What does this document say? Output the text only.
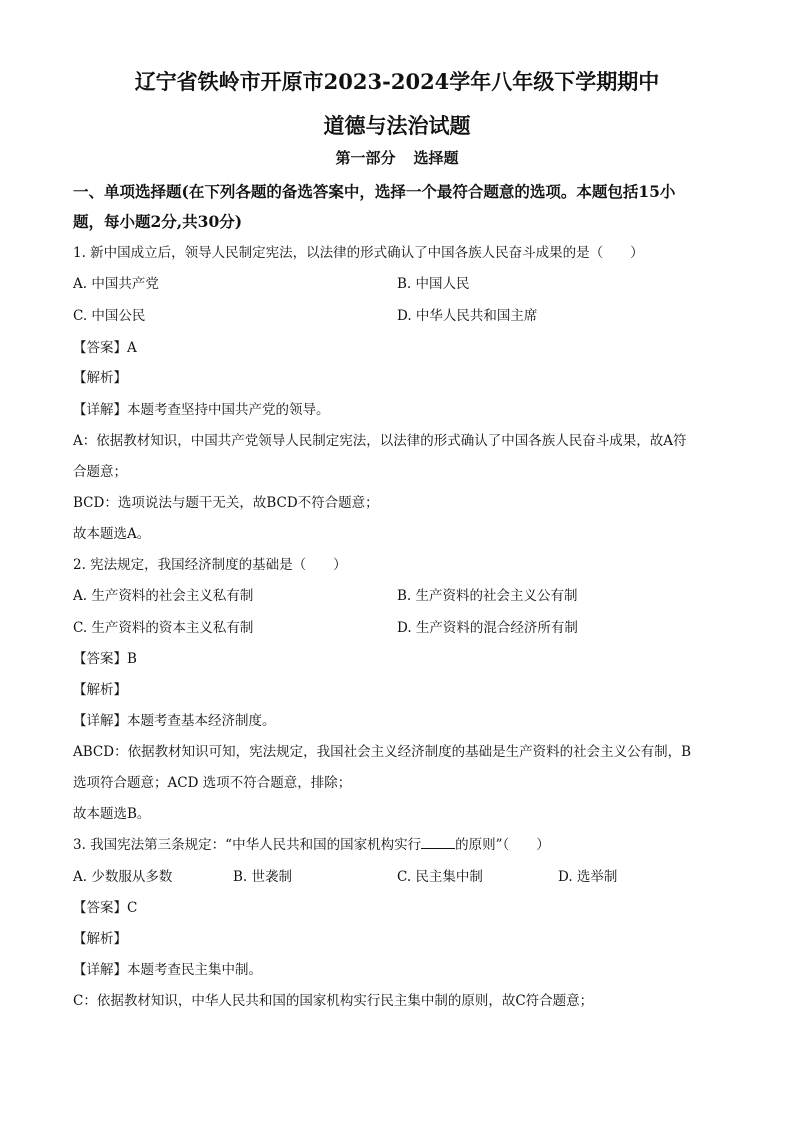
辽宁省铁岭市开原市2023-2024学年八年级下学期期中
道德与法治试题
第一部分 选择题
一、单项选择题(在下列各题的备选答案中，选择一个最符合题意的选项。本题包括15小
题，每小题2分,共30分)
1. 新中国成立后，领导人民制定宪法，以法律的形式确认了中国各族人民奋斗成果的是（　　）
A. 中国共产党	B. 中国人民
C. 中国公民	D. 中华人民共和国主席
【答案】A
【解析】
【详解】本题考查坚持中国共产党的领导。
A：依据教材知识，中国共产党领导人民制定宪法，以法律的形式确认了中国各族人民奋斗成果，故A符
合题意；
BCD：选项说法与题干无关，故BCD不符合题意；
故本题选A。
2. 宪法规定，我国经济制度的基础是（　　）
A. 生产资料的社会主义私有制	B. 生产资料的社会主义公有制
C. 生产资料的资本主义私有制	D. 生产资料的混合经济所有制
【答案】B
【解析】
【详解】本题考查基本经济制度。
ABCD：依据教材知识可知，宪法规定，我国社会主义经济制度的基础是生产资料的社会主义公有制，B
选项符合题意；ACD 选项不符合题意，排除；
故本题选B。
3. 我国宪法第三条规定：“中华人民共和国的国家机构实行	的原则”（　　）
A. 少数服从多数	B. 世袭制	C. 民主集中制	D. 选举制
【答案】C
【解析】
【详解】本题考查民主集中制。
C：依据教材知识，中华人民共和国的国家机构实行民主集中制的原则，故C符合题意；
